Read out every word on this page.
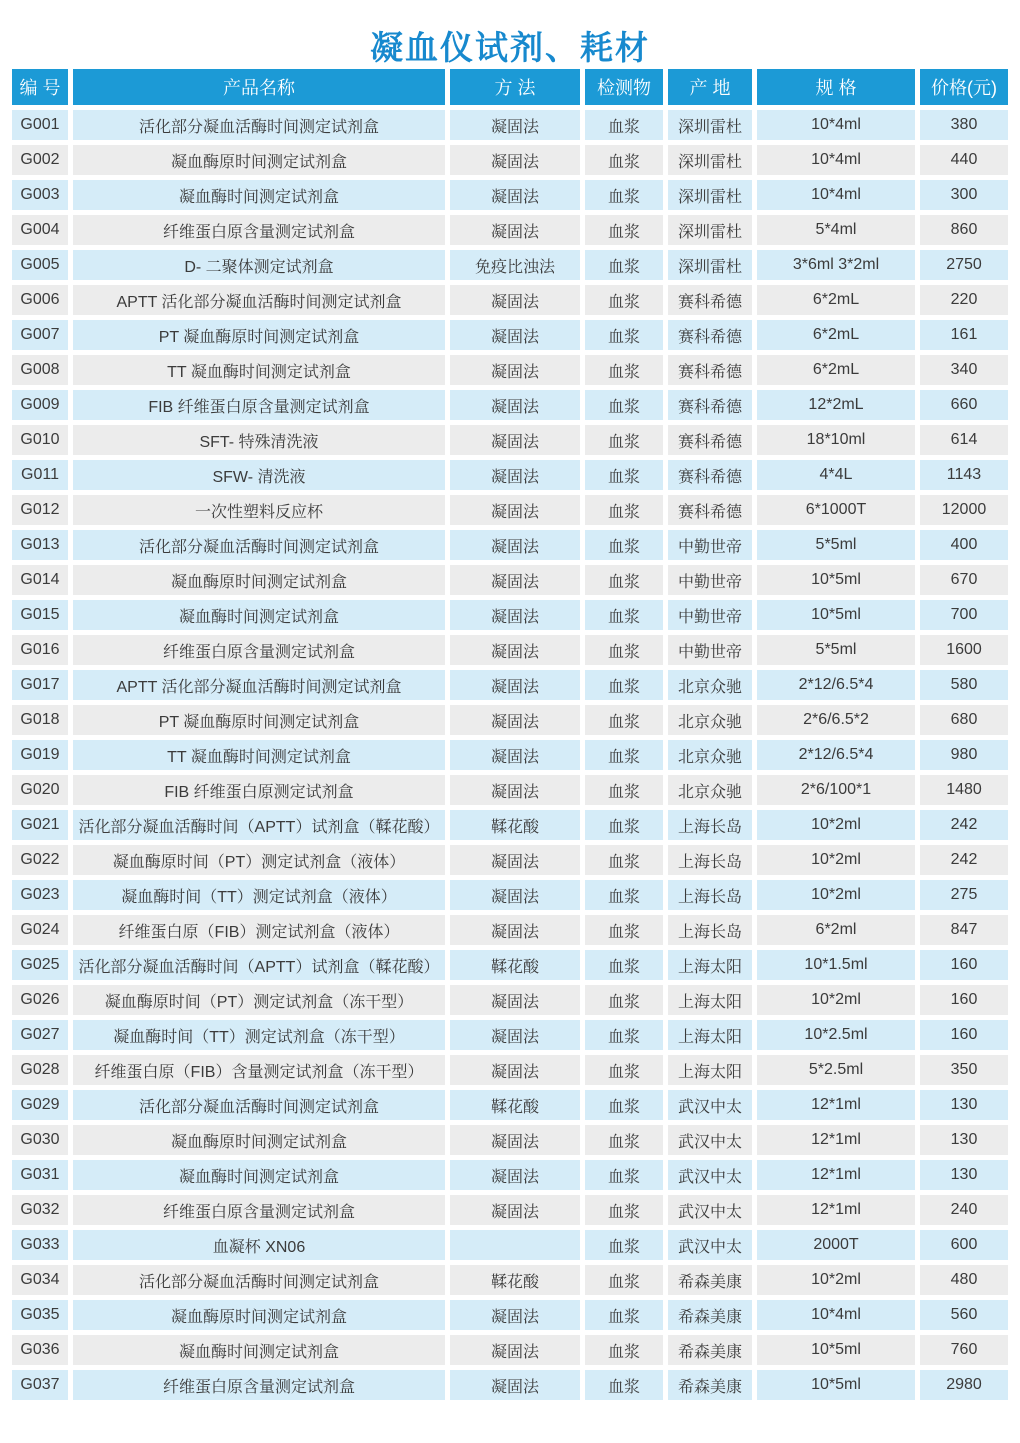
凝血仪试剂、耗材
编 号	产品名称	方 法	检测物	产 地	规 格	价格(元)
G001	活化部分凝血活酶时间测定试剂盒	凝固法	血浆	深圳雷杜	10*4ml	380
G002	凝血酶原时间测定试剂盒	凝固法	血浆	深圳雷杜	10*4ml	440
G003	凝血酶时间测定试剂盒	凝固法	血浆	深圳雷杜	10*4ml	300
G004	纤维蛋白原含量测定试剂盒	凝固法	血浆	深圳雷杜	5*4ml	860
G005	D- 二聚体测定试剂盒	免疫比浊法	血浆	深圳雷杜	3*6ml 3*2ml	2750
G006	APTT 活化部分凝血活酶时间测定试剂盒	凝固法	血浆	赛科希德	6*2mL	220
G007	PT 凝血酶原时间测定试剂盒	凝固法	血浆	赛科希德	6*2mL	161
G008	TT 凝血酶时间测定试剂盒	凝固法	血浆	赛科希德	6*2mL	340
G009	FIB 纤维蛋白原含量测定试剂盒	凝固法	血浆	赛科希德	12*2mL	660
G010	SFT- 特殊清洗液	凝固法	血浆	赛科希德	18*10ml	614
G011	SFW- 清洗液	凝固法	血浆	赛科希德	4*4L	1143
G012	一次性塑料反应杯	凝固法	血浆	赛科希德	6*1000T	12000
G013	活化部分凝血活酶时间测定试剂盒	凝固法	血浆	中勤世帝	5*5ml	400
G014	凝血酶原时间测定试剂盒	凝固法	血浆	中勤世帝	10*5ml	670
G015	凝血酶时间测定试剂盒	凝固法	血浆	中勤世帝	10*5ml	700
G016	纤维蛋白原含量测定试剂盒	凝固法	血浆	中勤世帝	5*5ml	1600
G017	APTT 活化部分凝血活酶时间测定试剂盒	凝固法	血浆	北京众驰	2*12/6.5*4	580
G018	PT 凝血酶原时间测定试剂盒	凝固法	血浆	北京众驰	2*6/6.5*2	680
G019	TT 凝血酶时间测定试剂盒	凝固法	血浆	北京众驰	2*12/6.5*4	980
G020	FIB 纤维蛋白原测定试剂盒	凝固法	血浆	北京众驰	2*6/100*1	1480
G021	活化部分凝血活酶时间（APTT）试剂盒（鞣花酸）	鞣花酸	血浆	上海长岛	10*2ml	242
G022	凝血酶原时间（PT）测定试剂盒（液体）	凝固法	血浆	上海长岛	10*2ml	242
G023	凝血酶时间（TT）测定试剂盒（液体）	凝固法	血浆	上海长岛	10*2ml	275
G024	纤维蛋白原（FIB）测定试剂盒（液体）	凝固法	血浆	上海长岛	6*2ml	847
G025	活化部分凝血活酶时间（APTT）试剂盒（鞣花酸）	鞣花酸	血浆	上海太阳	10*1.5ml	160
G026	凝血酶原时间（PT）测定试剂盒（冻干型）	凝固法	血浆	上海太阳	10*2ml	160
G027	凝血酶时间（TT）测定试剂盒（冻干型）	凝固法	血浆	上海太阳	10*2.5ml	160
G028	纤维蛋白原（FIB）含量测定试剂盒（冻干型）	凝固法	血浆	上海太阳	5*2.5ml	350
G029	活化部分凝血活酶时间测定试剂盒	鞣花酸	血浆	武汉中太	12*1ml	130
G030	凝血酶原时间测定试剂盒	凝固法	血浆	武汉中太	12*1ml	130
G031	凝血酶时间测定试剂盒	凝固法	血浆	武汉中太	12*1ml	130
G032	纤维蛋白原含量测定试剂盒	凝固法	血浆	武汉中太	12*1ml	240
G033	血凝杯 XN06		血浆	武汉中太	2000T	600
G034	活化部分凝血活酶时间测定试剂盒	鞣花酸	血浆	希森美康	10*2ml	480
G035	凝血酶原时间测定试剂盒	凝固法	血浆	希森美康	10*4ml	560
G036	凝血酶时间测定试剂盒	凝固法	血浆	希森美康	10*5ml	760
G037	纤维蛋白原含量测定试剂盒	凝固法	血浆	希森美康	10*5ml	2980
